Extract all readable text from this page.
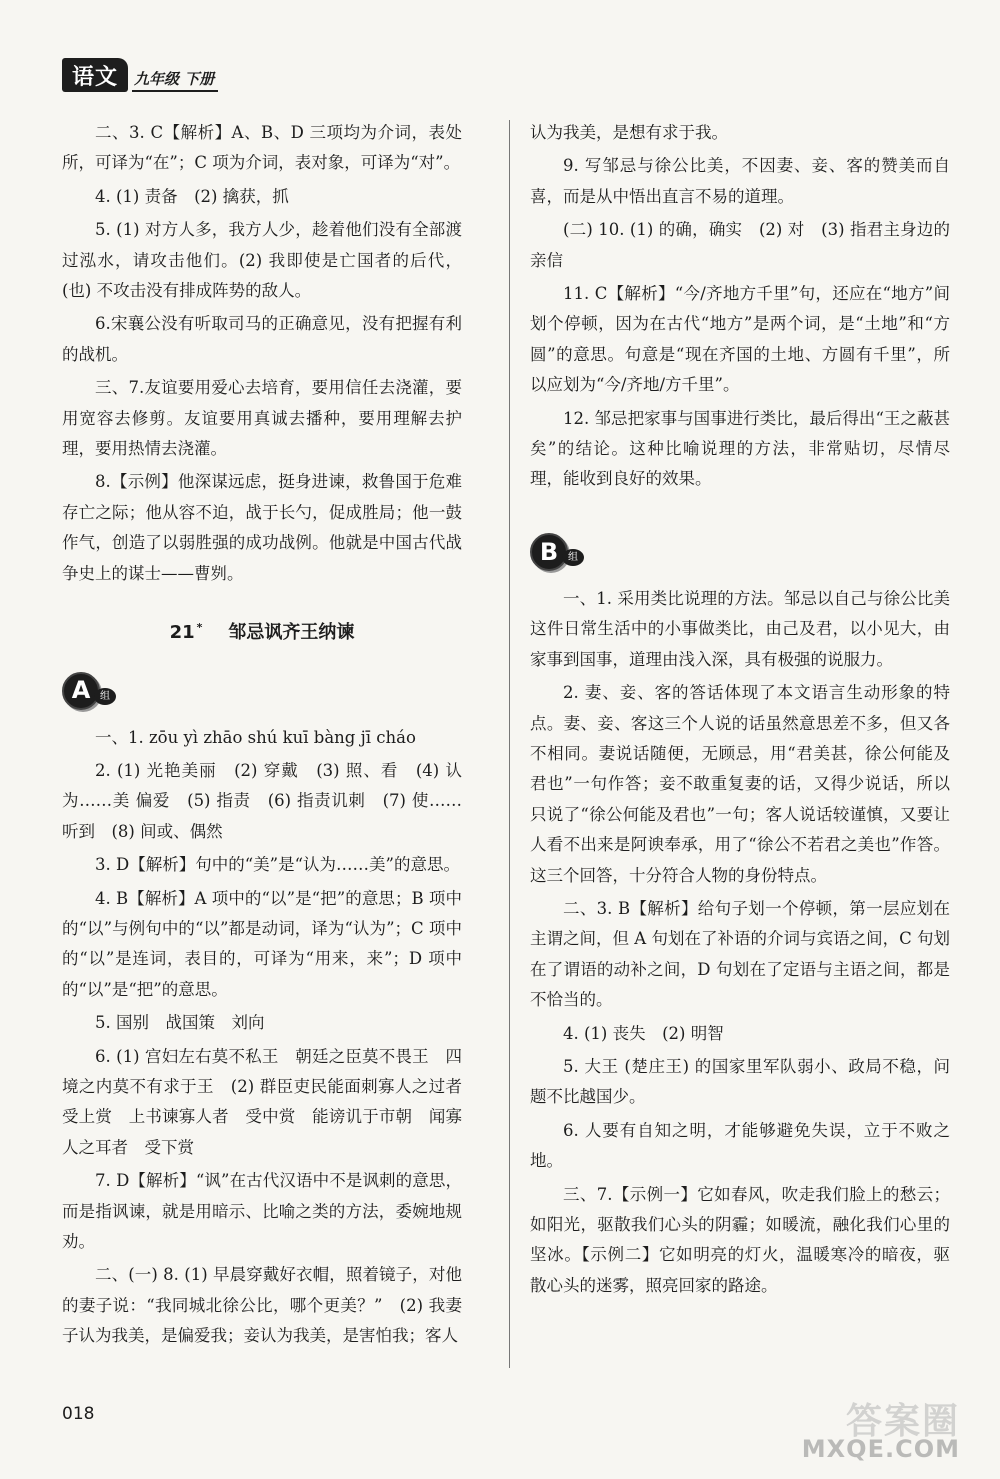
语文	九年级 下册

二、3. C【解析】A、B、D 三项均为介词，表处所，可译为“在”；C 项为介词，表对象，可译为“对”。

4. (1) 责备　(2) 擒获，抓

5. (1) 对方人多，我方人少，趁着他们没有全部渡过泓水，请攻击他们。(2) 我即使是亡国者的后代，(也) 不攻击没有排成阵势的敌人。

6.宋襄公没有听取司马的正确意见，没有把握有利的战机。

三、7.友谊要用爱心去培育，要用信任去浇灌，要用宽容去修剪。友谊要用真诚去播种，要用理解去护理，要用热情去浇灌。

8.【示例】他深谋远虑，挺身进谏，救鲁国于危难存亡之际；他从容不迫，战于长勺，促成胜局；他一鼓作气，创造了以弱胜强的成功战例。他就是中国古代战争史上的谋士——曹刿。

21 * 邹忌讽齐王纳谏
A 组

一、1. zōu yì zhāo shú kuī bàng jī cháo

2. (1) 光艳美丽　(2) 穿戴　(3) 照、看　(4) 认为……美 偏爱　(5) 指责　(6) 指责讥刺　(7) 使……听到　(8) 间或、偶然

3. D【解析】句中的“美”是“认为……美”的意思。

4. B【解析】A 项中的“以”是“把”的意思；B 项中的“以”与例句中的“以”都是动词，译为“认为”；C 项中的“以”是连词，表目的，可译为“用来，来”；D 项中的“以”是“把”的意思。

5. 国别　战国策　刘向

6. (1) 宫妇左右莫不私王　朝廷之臣莫不畏王　四境之内莫不有求于王　(2) 群臣吏民能面刺寡人之过者　受上赏　上书谏寡人者　受中赏　能谤讥于市朝　闻寡人之耳者　受下赏

7. D【解析】“讽”在古代汉语中不是讽刺的意思，而是指讽谏，就是用暗示、比喻之类的方法，委婉地规劝。

二、(一) 8. (1) 早晨穿戴好衣帽，照着镜子，对他的妻子说：“我同城北徐公比，哪个更美？”　(2) 我妻子认为我美，是偏爱我；妾认为我美，是害怕我；客人

认为我美，是想有求于我。

9. 写邹忌与徐公比美，不因妻、妾、客的赞美而自喜，而是从中悟出直言不易的道理。

(二) 10. (1) 的确，确实　(2) 对　(3) 指君主身边的亲信

11. C【解析】“今/齐地方千里”句，还应在“地方”间划个停顿，因为在古代“地方”是两个词，是“土地”和“方圆”的意思。句意是“现在齐国的土地、方圆有千里”，所以应划为“今/齐地/方千里”。

12. 邹忌把家事与国事进行类比，最后得出“王之蔽甚矣”的结论。这种比喻说理的方法，非常贴切，尽情尽理，能收到良好的效果。

B 组

一、1. 采用类比说理的方法。邹忌以自己与徐公比美这件日常生活中的小事做类比，由己及君，以小见大，由家事到国事，道理由浅入深，具有极强的说服力。

2. 妻、妾、客的答话体现了本文语言生动形象的特点。妻、妾、客这三个人说的话虽然意思差不多，但又各不相同。妻说话随便，无顾忌，用“君美甚，徐公何能及君也”一句作答；妾不敢重复妻的话，又得少说话，所以只说了“徐公何能及君也”一句；客人说话较谨慎，又要让人看不出来是阿谀奉承，用了“徐公不若君之美也”作答。这三个回答，十分符合人物的身份特点。

二、3. B【解析】给句子划一个停顿，第一层应划在主谓之间，但 A 句划在了补语的介词与宾语之间，C 句划在了谓语的动补之间，D 句划在了定语与主语之间，都是不恰当的。

4. (1) 丧失　(2) 明智

5. 大王 (楚庄王) 的国家里军队弱小、政局不稳，问题不比越国少。

6. 人要有自知之明，才能够避免失误，立于不败之地。

三、7.【示例一】它如春风，吹走我们脸上的愁云；如阳光，驱散我们心头的阴霾；如暖流，融化我们心里的坚冰。【示例二】它如明亮的灯火，温暖寒冷的暗夜，驱散心头的迷雾，照亮回家的路途。

018	答案圈
MXQE.COM
